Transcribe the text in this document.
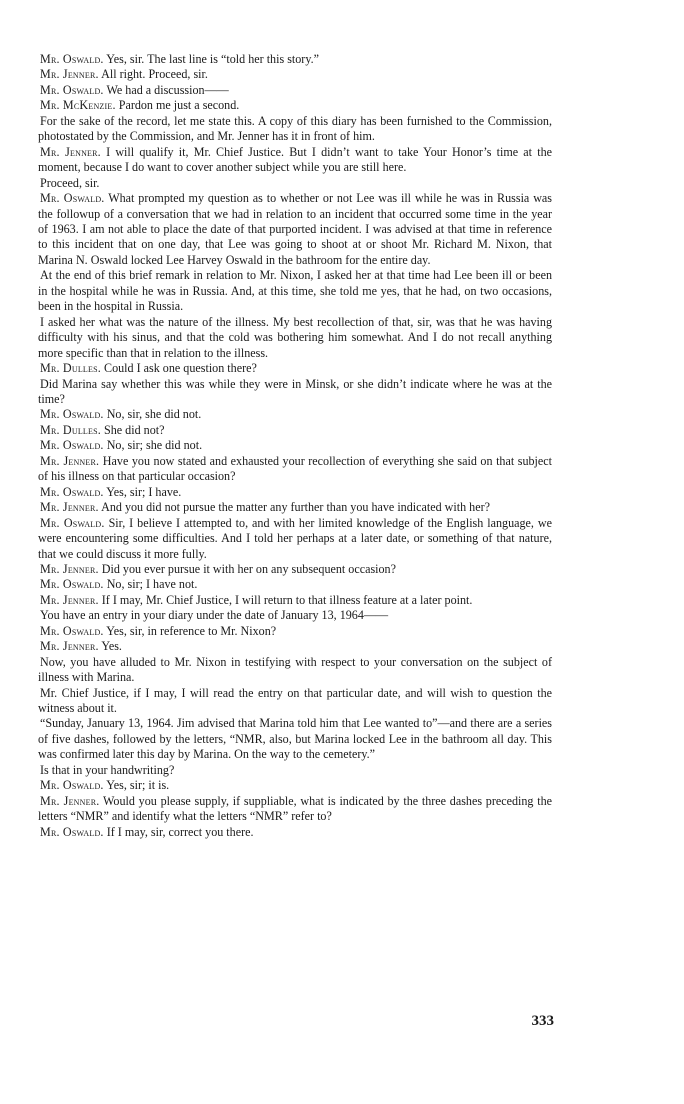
Mr. Oswald. Yes, sir. The last line is “told her this story.”

Mr. Jenner. All right. Proceed, sir.

Mr. Oswald. We had a discussion——

Mr. McKenzie. Pardon me just a second.

For the sake of the record, let me state this. A copy of this diary has been furnished to the Commission, photostated by the Commission, and Mr. Jenner has it in front of him.

Mr. Jenner. I will qualify it, Mr. Chief Justice. But I didn’t want to take Your Honor’s time at the moment, because I do want to cover another subject while you are still here.

Proceed, sir.

Mr. Oswald. What prompted my question as to whether or not Lee was ill while he was in Russia was the followup of a conversation that we had in relation to an incident that occurred some time in the year of 1963. I am not able to place the date of that purported incident. I was advised at that time in reference to this incident that on one day, that Lee was going to shoot at or shoot Mr. Richard M. Nixon, that Marina N. Oswald locked Lee Harvey Oswald in the bathroom for the entire day.

At the end of this brief remark in relation to Mr. Nixon, I asked her at that time had Lee been ill or been in the hospital while he was in Russia. And, at this time, she told me yes, that he had, on two occasions, been in the hospital in Russia.

I asked her what was the nature of the illness. My best recollection of that, sir, was that he was having difficulty with his sinus, and that the cold was bothering him somewhat. And I do not recall anything more specific than that in relation to the illness.

Mr. Dulles. Could I ask one question there?

Did Marina say whether this was while they were in Minsk, or she didn’t indicate where he was at the time?

Mr. Oswald. No, sir, she did not.

Mr. Dulles. She did not?

Mr. Oswald. No, sir; she did not.

Mr. Jenner. Have you now stated and exhausted your recollection of everything she said on that subject of his illness on that particular occasion?

Mr. Oswald. Yes, sir; I have.

Mr. Jenner. And you did not pursue the matter any further than you have indicated with her?

Mr. Oswald. Sir, I believe I attempted to, and with her limited knowledge of the English language, we were encountering some difficulties. And I told her perhaps at a later date, or something of that nature, that we could discuss it more fully.

Mr. Jenner. Did you ever pursue it with her on any subsequent occasion?

Mr. Oswald. No, sir; I have not.

Mr. Jenner. If I may, Mr. Chief Justice, I will return to that illness feature at a later point.

You have an entry in your diary under the date of January 13, 1964——

Mr. Oswald. Yes, sir, in reference to Mr. Nixon?

Mr. Jenner. Yes.

Now, you have alluded to Mr. Nixon in testifying with respect to your conversation on the subject of illness with Marina.

Mr. Chief Justice, if I may, I will read the entry on that particular date, and will wish to question the witness about it.

“Sunday, January 13, 1964. Jim advised that Marina told him that Lee wanted to”—and there are a series of five dashes, followed by the letters, “NMR, also, but Marina locked Lee in the bathroom all day. This was confirmed later this day by Marina. On the way to the cemetery.”

Is that in your handwriting?

Mr. Oswald. Yes, sir; it is.

Mr. Jenner. Would you please supply, if suppliable, what is indicated by the three dashes preceding the letters “NMR” and identify what the letters “NMR” refer to?

Mr. Oswald. If I may, sir, correct you there.

333
